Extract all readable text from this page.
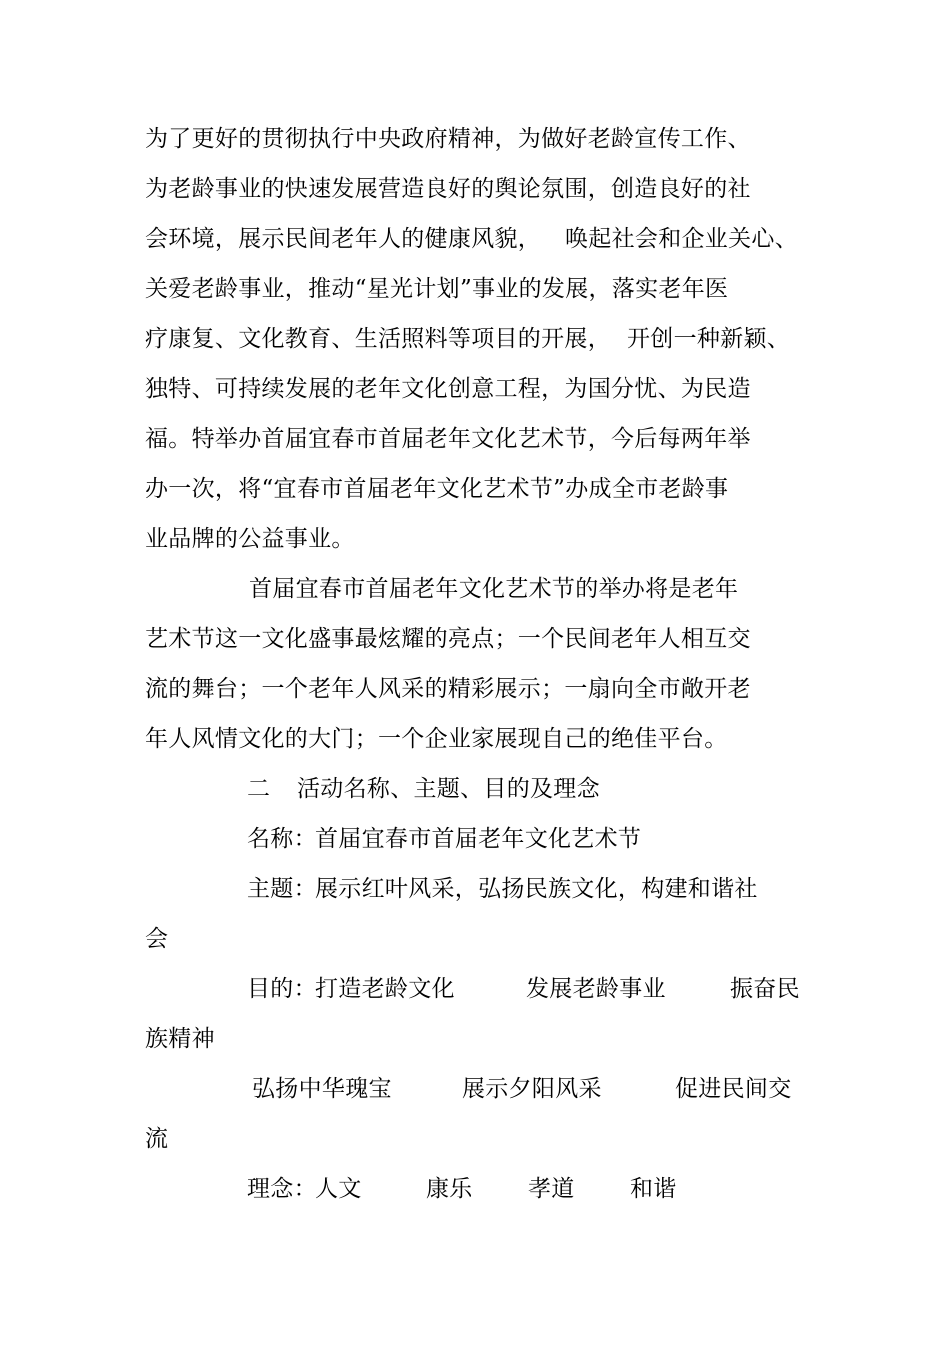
为了更好的贯彻执行中央政府精神，为做好老龄宣传工作、
为老龄事业的快速发展营造良好的舆论氛围，创造良好的社
会环境，展示民间老年人的健康风貌， 唤起社会和企业关心、
关爱老龄事业，推动“星光计划”事业的发展，落实老年医
疗康复、文化教育、生活照料等项目的开展， 开创一种新颖、
独特、可持续发展的老年文化创意工程，为国分忧、为民造
福。特举办首届宜春市首届老年文化艺术节，今后每两年举
办一次，将“宜春市首届老年文化艺术节”办成全市老龄事
业品牌的公益事业。
首届宜春市首届老年文化艺术节的举办将是老年
艺术节这一文化盛事最炫耀的亮点；一个民间老年人相互交
流的舞台；一个老年人风采的精彩展示；一扇向全市敞开老
年人风情文化的大门；一个企业家展现自己的绝佳平台。
二 活动名称、主题、目的及理念
名称：
首届宜春市首届老年文化艺术节
主题：
展示红叶风采，弘扬民族文化，构建和谐社
会
目的：
打造老龄文化	发展老龄事业	振奋民
族精神
弘扬中华瑰宝	展示夕阳风采	促进民间交
流
理念：
人文	康乐 孝道 和谐
